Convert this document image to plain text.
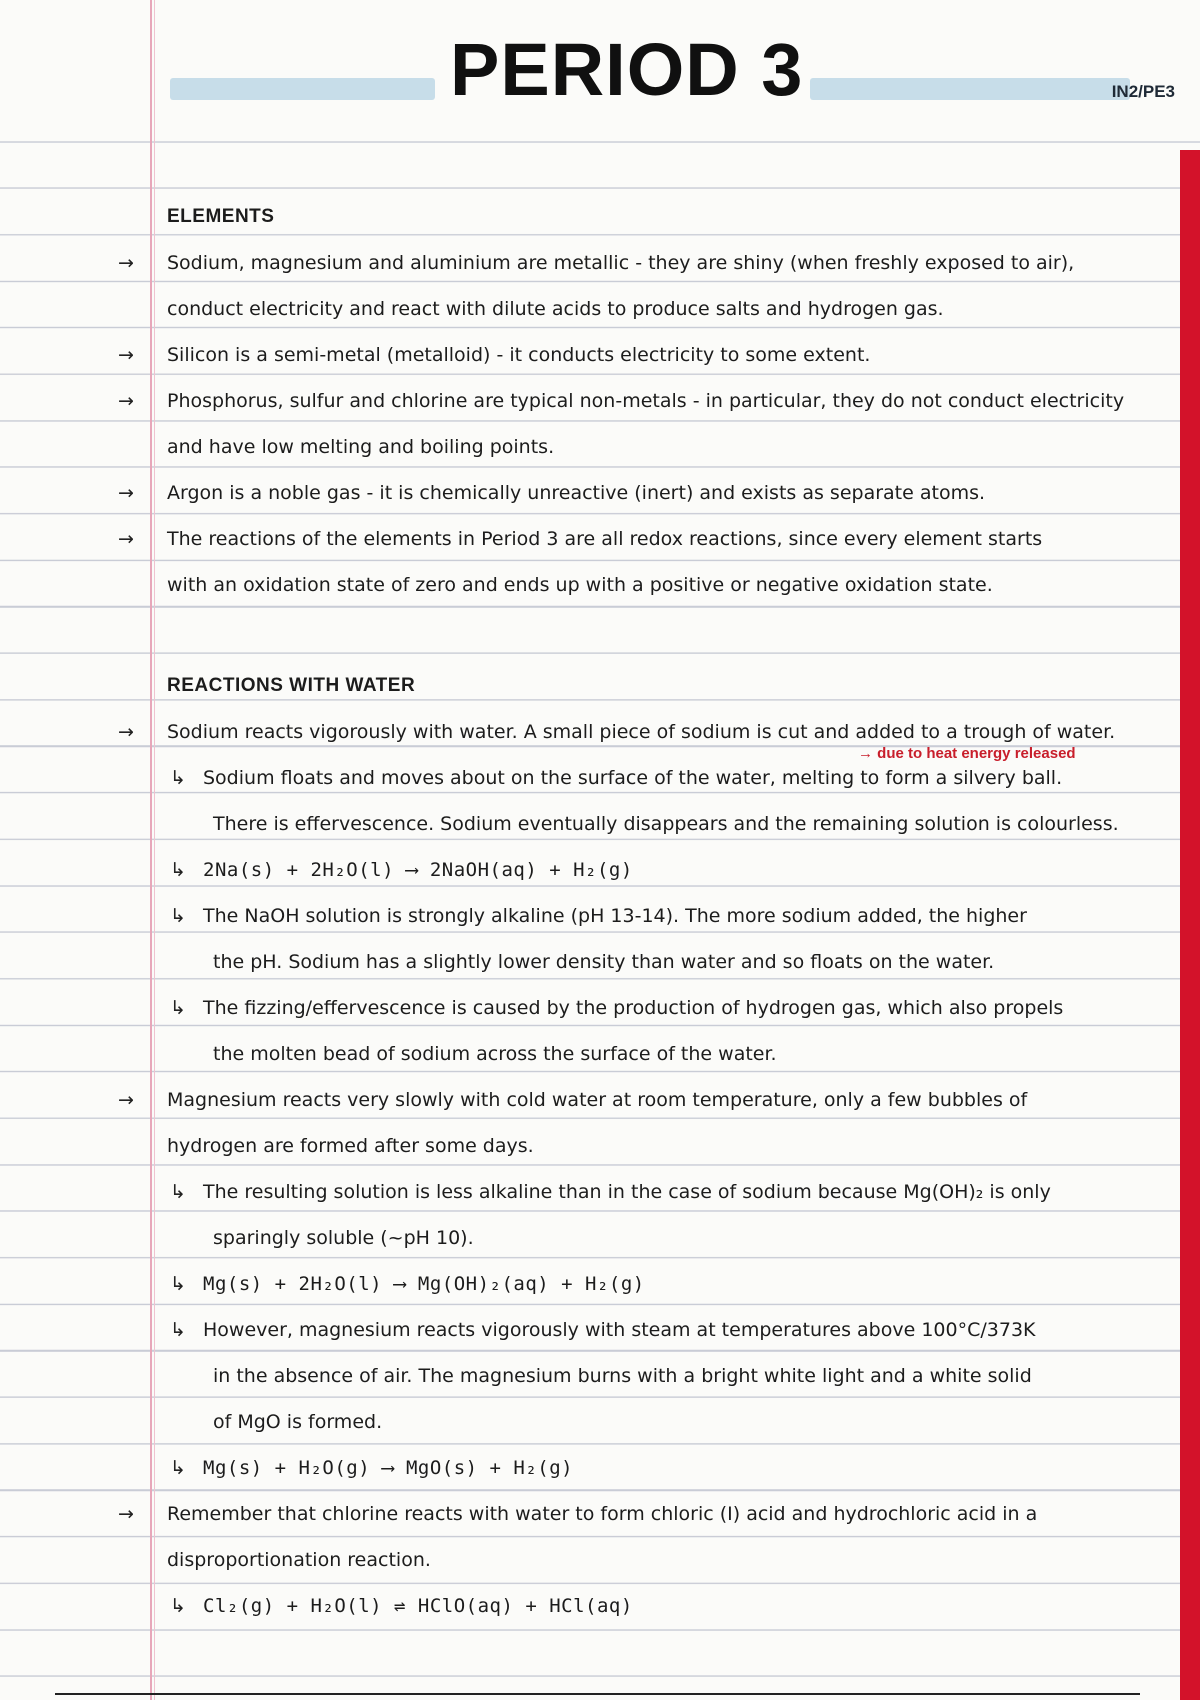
PERIOD 3	IN2/PE3
ELEMENTS
→ Sodium, magnesium and aluminium are metallic - they are shiny (when freshly exposed to air),
conduct electricity and react with dilute acids to produce salts and hydrogen gas.
→ Silicon is a semi-metal (metalloid) - it conducts electricity to some extent.
→ Phosphorus, sulfur and chlorine are typical non-metals - in particular, they do not conduct electricity
and have low melting and boiling points.
→ Argon is a noble gas - it is chemically unreactive (inert) and exists as separate atoms.
→ The reactions of the elements in Period 3 are all redox reactions, since every element starts
with an oxidation state of zero and ends up with a positive or negative oxidation state.
REACTIONS WITH WATER
→ Sodium reacts vigorously with water. A small piece of sodium is cut and added to a trough of water.
→ due to heat energy released
↳ Sodium floats and moves about on the surface of the water, melting to form a silvery ball.
There is effervescence. Sodium eventually disappears and the remaining solution is colourless.
↳ 2Na(s) + 2H₂O(l) ⟶ 2NaOH(aq) + H₂(g)
↳ The NaOH solution is strongly alkaline (pH 13-14). The more sodium added, the higher
the pH. Sodium has a slightly lower density than water and so floats on the water.
↳ The fizzing/effervescence is caused by the production of hydrogen gas, which also propels
the molten bead of sodium across the surface of the water.
→ Magnesium reacts very slowly with cold water at room temperature, only a few bubbles of
hydrogen are formed after some days.
↳ The resulting solution is less alkaline than in the case of sodium because Mg(OH)₂ is only
sparingly soluble (~pH 10).
↳ Mg(s) + 2H₂O(l) ⟶ Mg(OH)₂(aq) + H₂(g)
↳ However, magnesium reacts vigorously with steam at temperatures above 100°C/373K
in the absence of air. The magnesium burns with a bright white light and a white solid
of MgO is formed.
↳ Mg(s) + H₂O(g) ⟶ MgO(s) + H₂(g)
→ Remember that chlorine reacts with water to form chloric (I) acid and hydrochloric acid in a
disproportionation reaction.
↳ Cl₂(g) + H₂O(l) ⇌ HClO(aq) + HCl(aq)
